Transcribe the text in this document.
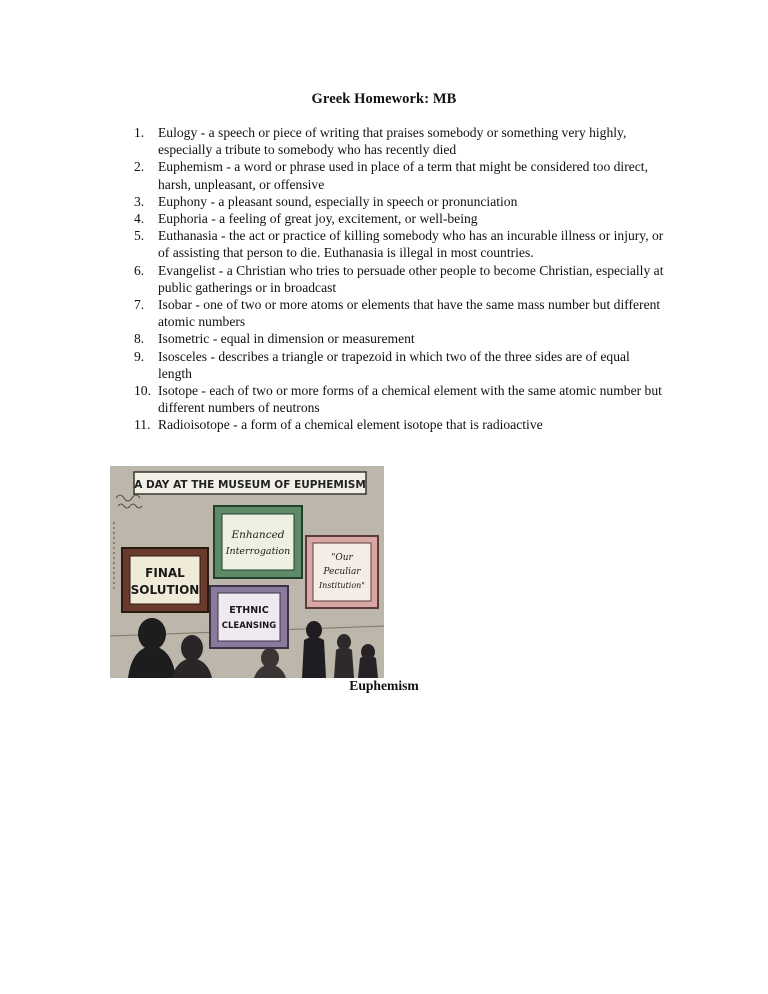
Greek Homework: MB
1.	Eulogy - a speech or piece of writing that praises somebody or something very highly, especially a tribute to somebody who has recently died
2.	Euphemism - a word or phrase used in place of a term that might be considered too direct, harsh, unpleasant, or offensive
3.	Euphony - a pleasant sound, especially in speech or pronunciation
4.	Euphoria - a feeling of great joy, excitement, or well-being
5.	Euthanasia - the act or practice of killing somebody who has an incurable illness or injury, or of assisting that person to die. Euthanasia is illegal in most countries.
6.	Evangelist - a Christian who tries to persuade other people to become Christian, especially at public gatherings or in broadcast
7.	Isobar - one of two or more atoms or elements that have the same mass number but different atomic numbers
8.	Isometric - equal in dimension or measurement
9.	Isosceles - describes a triangle or trapezoid in which two of the three sides are of equal length
10. Isotope - each of two or more forms of a chemical element with the same atomic number but different numbers of neutrons
11. Radioisotope - a form of a chemical element isotope that is radioactive
A DAY AT THE MUSEUM OF EUPHEMISM
FINAL
SOLUTION
Enhanced
Interrogation
"Our
Peculiar
Institution"
ETHNIC
CLEANSING
Euphemism
